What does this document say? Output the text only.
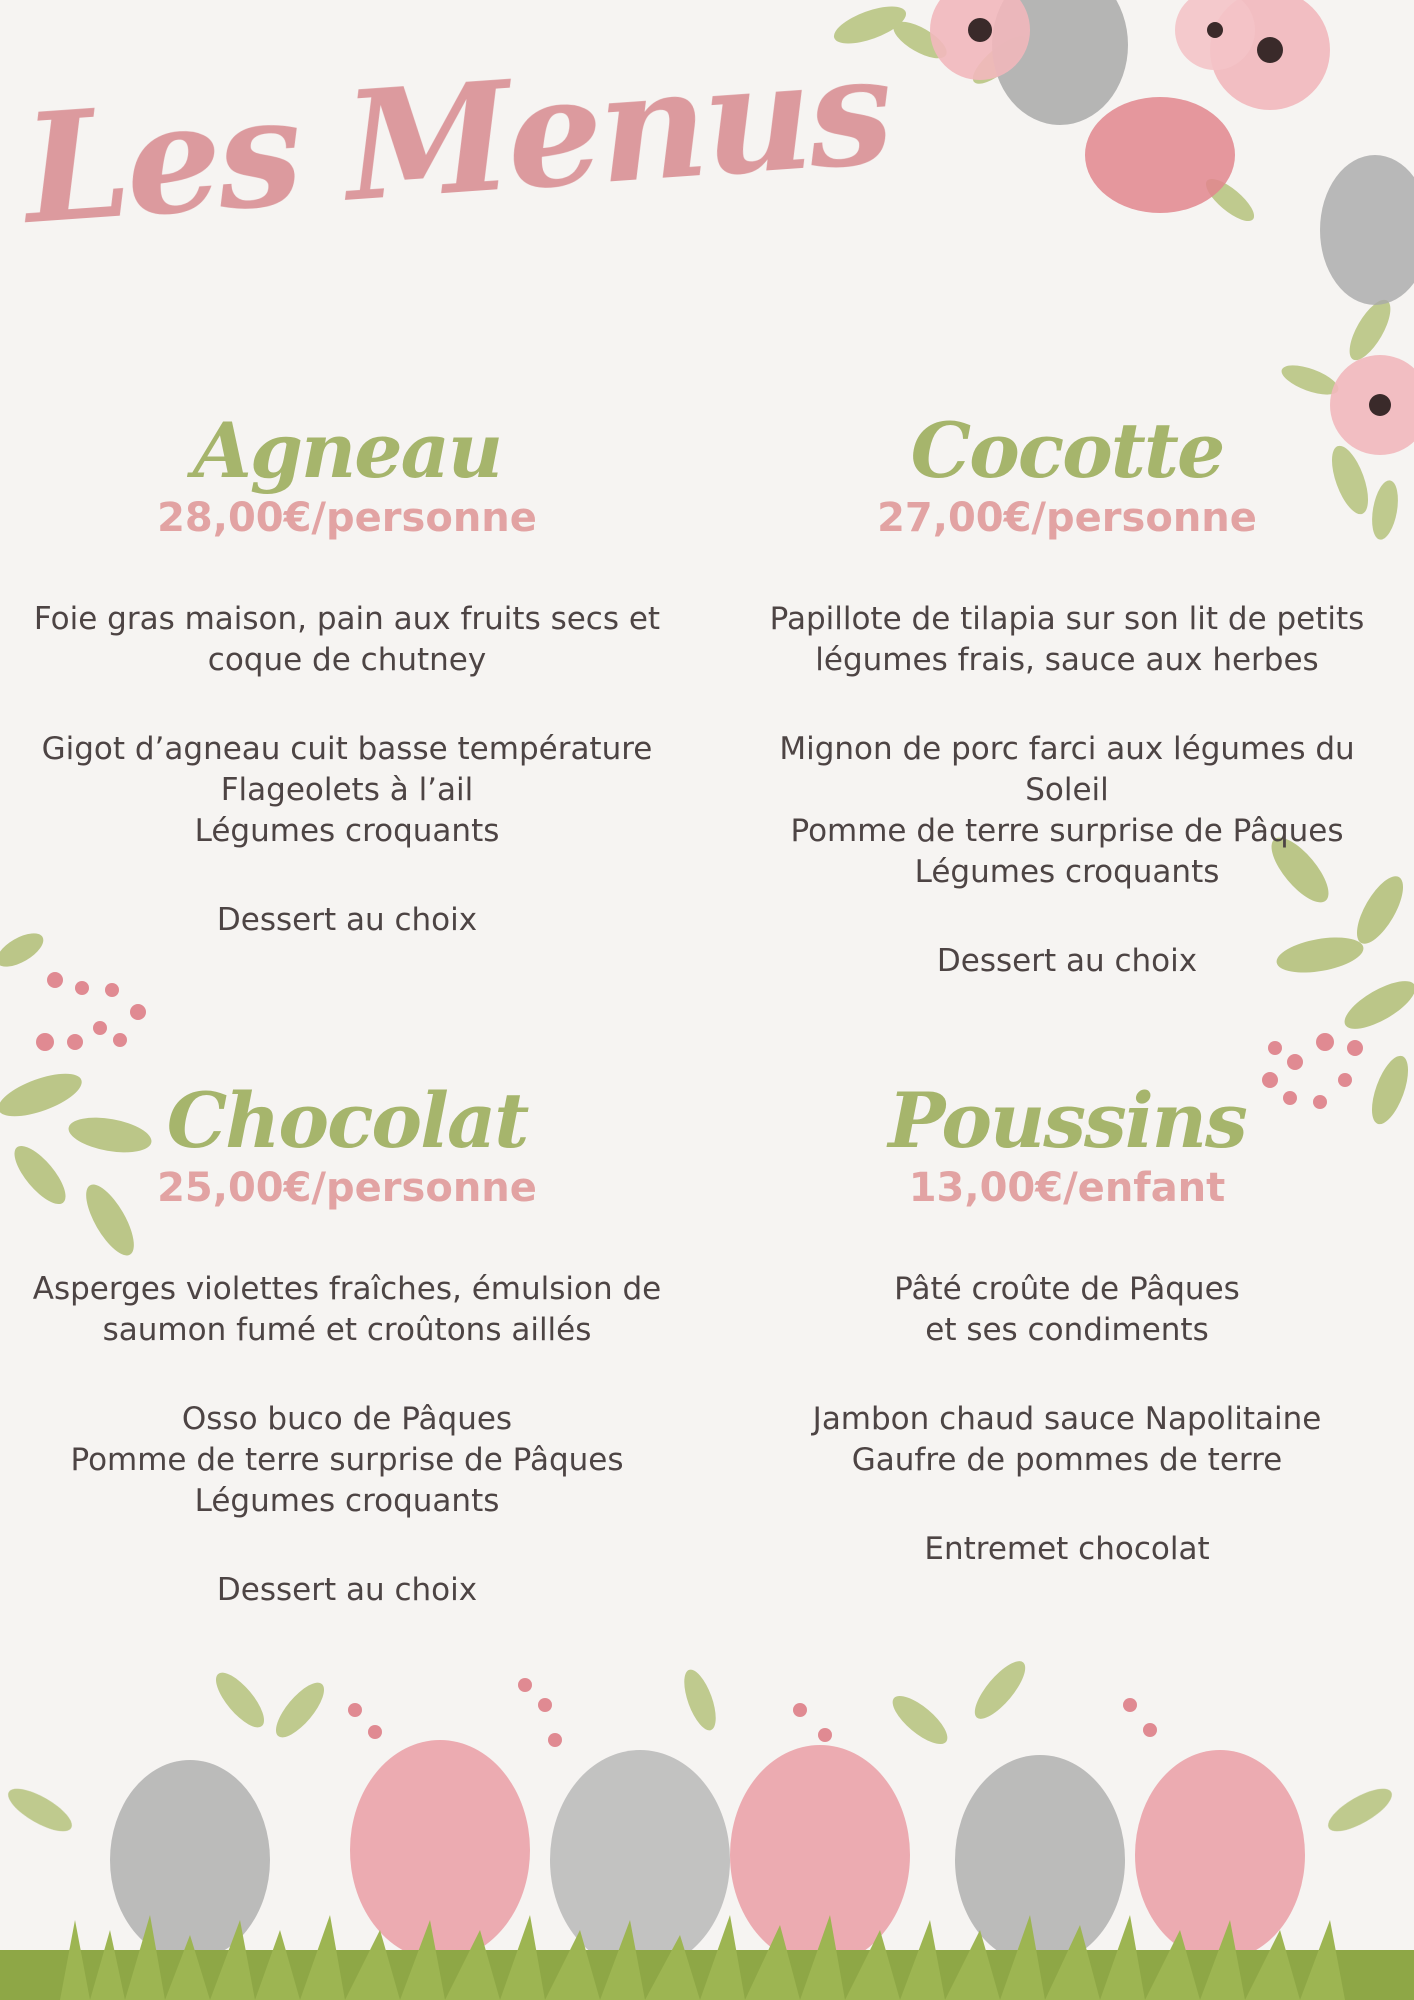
Les Menus
Agneau
28,00€/personne

Foie gras maison, pain aux fruits secs et

coque de chutney

Gigot d’agneau cuit basse température

Flageolets à l’ail

Légumes croquants

Dessert au choix

Cocotte
27,00€/personne

Papillote de tilapia sur son lit de petits

légumes frais, sauce aux herbes

Mignon de porc farci aux légumes du Soleil

Pomme de terre surprise de Pâques

Légumes croquants

Dessert au choix

Chocolat
25,00€/personne

Asperges violettes fraîches, émulsion de

saumon fumé et croûtons aillés

Osso buco de Pâques

Pomme de terre surprise de Pâques

Légumes croquants

Dessert au choix

Poussins
13,00€/enfant

Pâté croûte de Pâques

et ses condiments

Jambon chaud sauce Napolitaine

Gaufre de pommes de terre

Entremet chocolat
